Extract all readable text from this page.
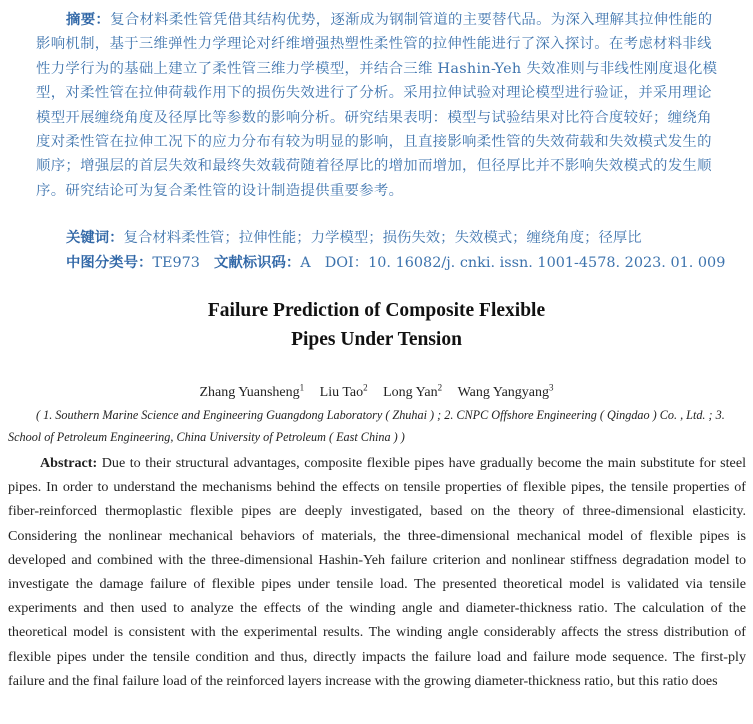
摘要：复合材料柔性管凭借其结构优势，逐渐成为钢制管道的主要替代品。为深入理解其拉伸性能的影响机制，基于三维弹性力学理论对纤维增强热塑性柔性管的拉伸性能进行了深入探讨。在考虑材料非线性力学行为的基础上建立了柔性管三维力学模型，并结合三维 Hashin-Yeh 失效准则与非线性刚度退化模型，对柔性管在拉伸荷载作用下的损伤失效进行了分析。采用拉伸试验对理论模型进行验证，并采用理论模型开展缠绕角度及径厚比等参数的影响分析。研究结果表明：模型与试验结果对比符合度较好；缠绕角度对柔性管在拉伸工况下的应力分布有较为明显的影响，且直接影响柔性管的失效荷载和失效模式发生的顺序；增强层的首层失效和最终失效载荷随着径厚比的增加而增加，但径厚比并不影响失效模式的发生顺序。研究结论可为复合柔性管的设计制造提供重要参考。
关键词：复合材料柔性管；拉伸性能；力学模型；损伤失效；失效模式；缠绕角度；径厚比
中图分类号：TE973 文献标识码：A DOI：10. 16082/j. cnki. issn. 1001-4578. 2023. 01. 009
Failure Prediction of Composite Flexible
Pipes Under Tension
Zhang Yuansheng$^1$ Liu Tao$^2$ Long Yan$^2$ Wang Yangyang$^3$
( 1. Southern Marine Science and Engineering Guangdong Laboratory ( Zhuhai ) ; 2. CNPC Offshore Engineering ( Qingdao ) Co. , Ltd. ; 3. School of Petroleum Engineering, China University of Petroleum ( East China ) )

Abstract: Due to their structural advantages, composite flexible pipes have gradually become the main substitute for steel pipes. In order to understand the mechanisms behind the effects on tensile properties of flexible pipes, the tensile properties of fiber-reinforced thermoplastic flexible pipes are deeply investigated, based on the theory of three-dimensional elasticity. Considering the nonlinear mechanical behaviors of materials, the three-dimensional mechanical model of flexible pipes is developed and combined with the three-dimensional Hashin-Yeh failure criterion and nonlinear stiffness degradation model to investigate the damage failure of flexible pipes under tensile load. The presented theoretical model is validated via tensile experiments and then used to analyze the effects of the winding angle and diameter-thickness ratio. The calculation of the theoretical model is consistent with the experimental results. The winding angle considerably affects the stress distribution of flexible pipes under the tensile condition and thus, directly impacts the failure load and failure mode sequence. The first-ply failure and the final failure load of the reinforced layers increase with the growing diameter-thickness ratio, but this ratio does
